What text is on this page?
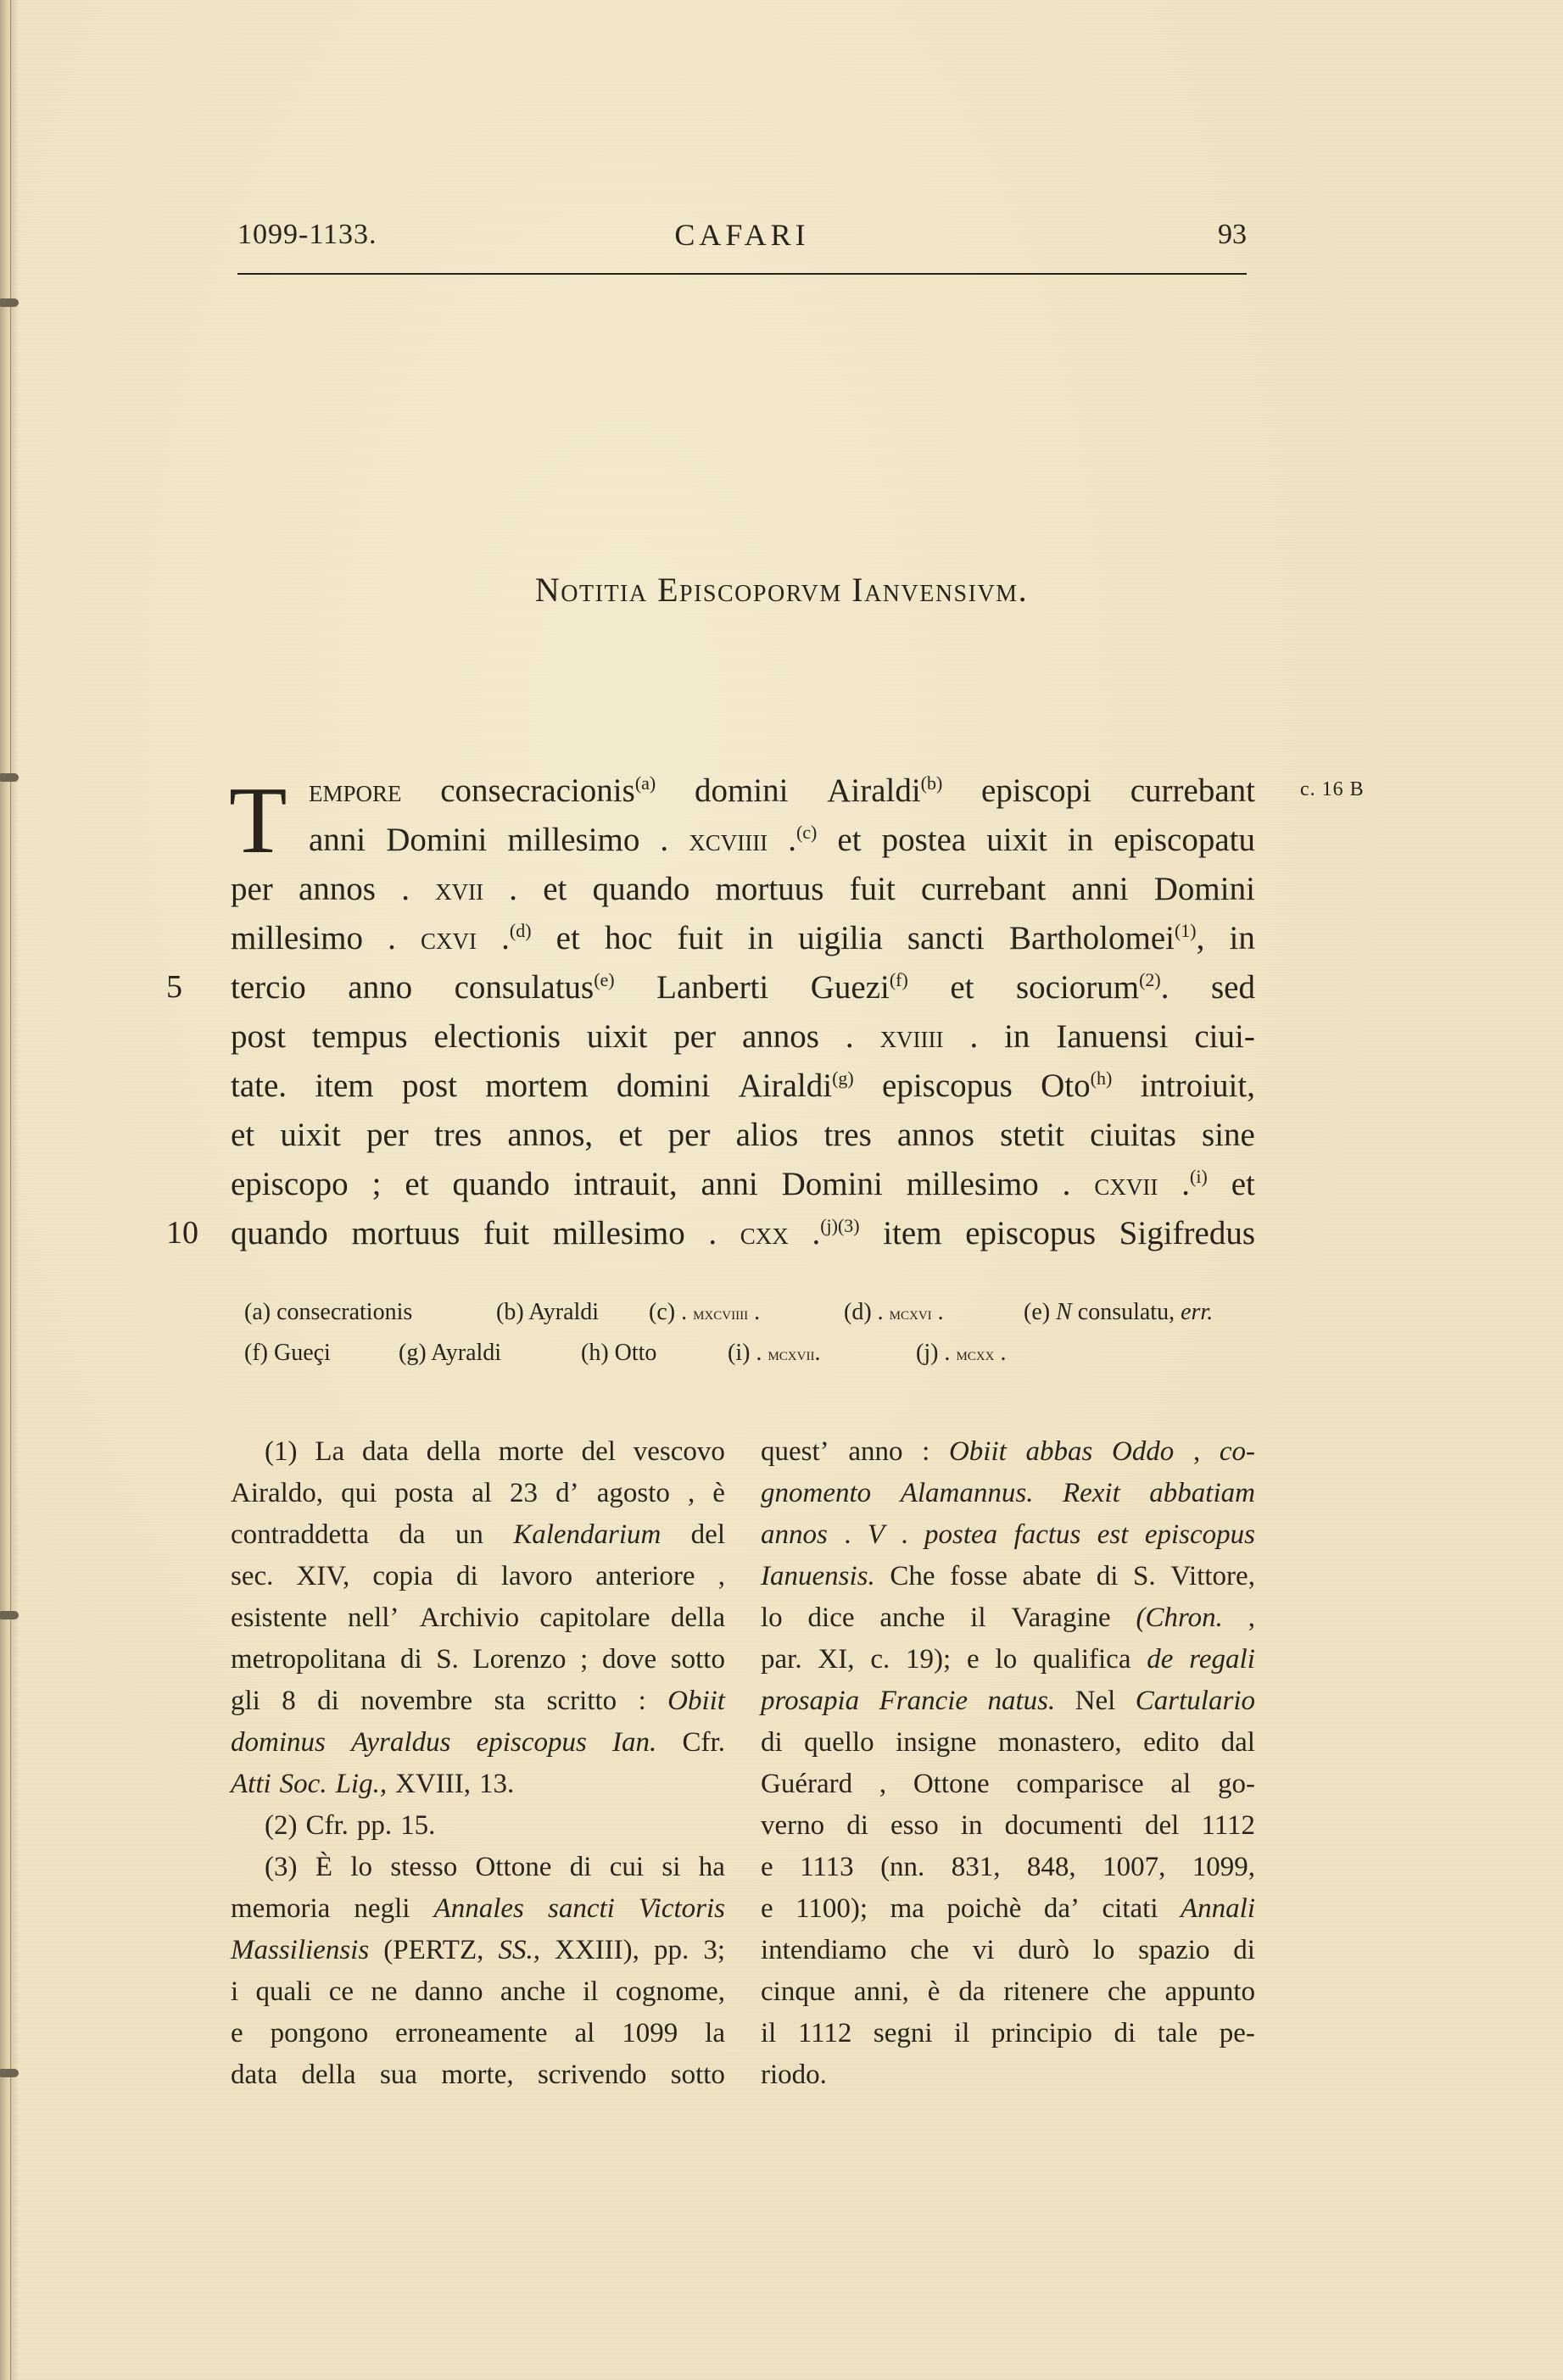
1099-1133.	CAFARI	93
Notitia Episcoporvm Ianvensivm.
c. 16 B
5
10
T empore consecracionis$^{(a)}$ domini Airaldi$^{(b)}$ episcopi currebant
anni Domini millesimo . xcviiii .$^{(c)}$ et postea uixit in episcopatu
per annos . xvii . et quando mortuus fuit currebant anni Domini
millesimo . cxvi .$^{(d)}$ et hoc fuit in uigilia sancti Bartholomei$^{(1)}$, in
tercio anno consulatus$^{(e)}$ Lanberti Guezi$^{(f)}$ et sociorum$^{(2)}$. sed
post tempus electionis uixit per annos . xviiii . in Ianuensi ciui-
tate. item post mortem domini Airaldi$^{(g)}$ episcopus Oto$^{(h)}$ introiuit,
et uixit per tres annos, et per alios tres annos stetit ciuitas sine
episcopo ; et quando intrauit, anni Domini millesimo . cxvii .$^{(i)}$ et
quando mortuus fuit millesimo . cxx .$^{(j)(3)}$ item episcopus Sigifredus
(a) consecrationis	(b) Ayraldi (c) . mxcviiii .	(d) . mcxvi .	(e) N consulatu, err.
(f) Gueçi	(g) Ayraldi	(h) Otto	(i) . mcxvii.	(j) . mcxx .
(1) La data della morte del vescovo
Airaldo, qui posta al 23 d’ agosto , è
contraddetta da un Kalendarium del
sec. XIV, copia di lavoro anteriore ,
esistente nell’ Archivio capitolare della
metropolitana di S. Lorenzo ; dove sotto
gli 8 di novembre sta scritto : Obiit
dominus Ayraldus episcopus Ian. Cfr.
Atti Soc. Lig., XVIII, 13.
(2) Cfr. pp. 15.
(3) È lo stesso Ottone di cui si ha
memoria negli Annales sancti Victoris
Massiliensis (PERTZ, SS., XXIII), pp. 3;
i quali ce ne danno anche il cognome,
e pongono erroneamente al 1099 la
data della sua morte, scrivendo sotto
quest’ anno : Obiit abbas Oddo , co-
gnomento Alamannus. Rexit abbatiam
annos . V . postea factus est episcopus
Ianuensis. Che fosse abate di S. Vittore,
lo dice anche il Varagine (Chron. ,
par. XI, c. 19); e lo qualifica de regali
prosapia Francie natus. Nel Cartulario
di quello insigne monastero, edito dal
Guérard , Ottone comparisce al go-
verno di esso in documenti del 1112
e 1113 (nn. 831, 848, 1007, 1099,
e 1100); ma poichè da’ citati Annali
intendiamo che vi durò lo spazio di
cinque anni, è da ritenere che appunto
il 1112 segni il principio di tale pe-
riodo.
